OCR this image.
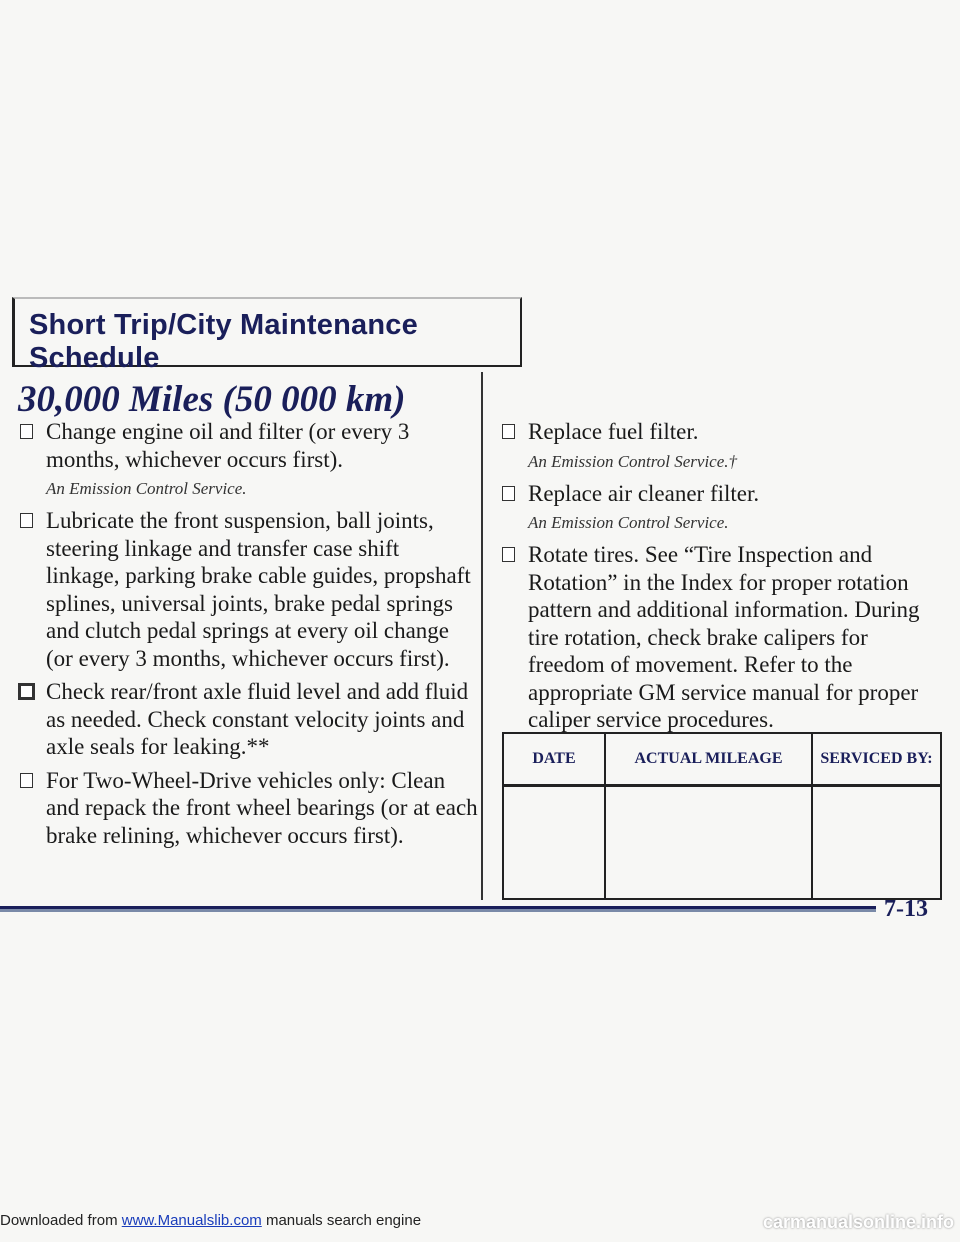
Short Trip/City Maintenance Schedule
30,000 Miles (50 000 km)
Change engine oil and filter (or every 3 months, whichever occurs first).
An Emission Control Service.
Lubricate the front suspension, ball joints, steering linkage and transfer case shift linkage, parking brake cable guides, propshaft splines, universal joints, brake pedal springs and clutch pedal springs at every oil change (or every 3 months, whichever occurs first).
Check rear/front axle fluid level and add fluid as needed. Check constant velocity joints and axle seals for leaking.**
For Two-Wheel-Drive vehicles only: Clean and repack the front wheel bearings (or at each brake relining, whichever occurs first).
Replace fuel filter.
An Emission Control Service.†
Replace air cleaner filter.
An Emission Control Service.
Rotate tires. See “Tire Inspection and Rotation” in the Index for proper rotation pattern and additional information. During tire rotation, check brake calipers for freedom of movement. Refer to the appropriate GM service manual for proper caliper service procedures.
DATE	ACTUAL MILEAGE	SERVICED BY:

7-13
Downloaded from www.Manualslib.com manuals search engine	carmanualsonline.info
